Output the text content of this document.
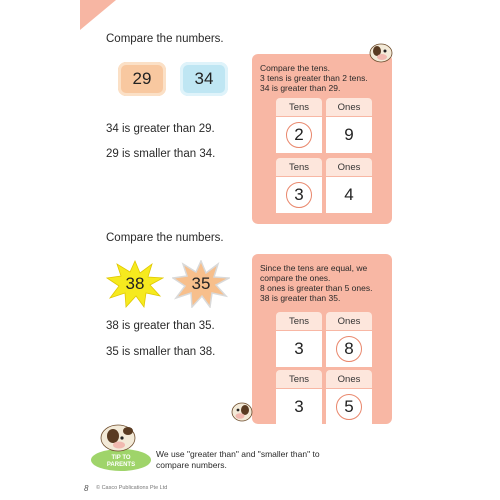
Compare the numbers.
29	34
34 is greater than 29.
29 is smaller than 34.
Compare the tens.
3 tens is greater than 2 tens.
34 is greater than 29.
Tens	Ones
2	9
Tens	Ones
3	4
Compare the numbers.
38	35
38 is greater than 35.
35 is smaller than 38.
Since the tens are equal, we
compare the ones.
8 ones is greater than 5 ones.
38 is greater than 35.
Tens	Ones
3	8
Tens	Ones
3	5
TIP TO
PARENTS
We use "greater than" and "smaller than" to
compare numbers.
8 © Casco Publications Pte Ltd
